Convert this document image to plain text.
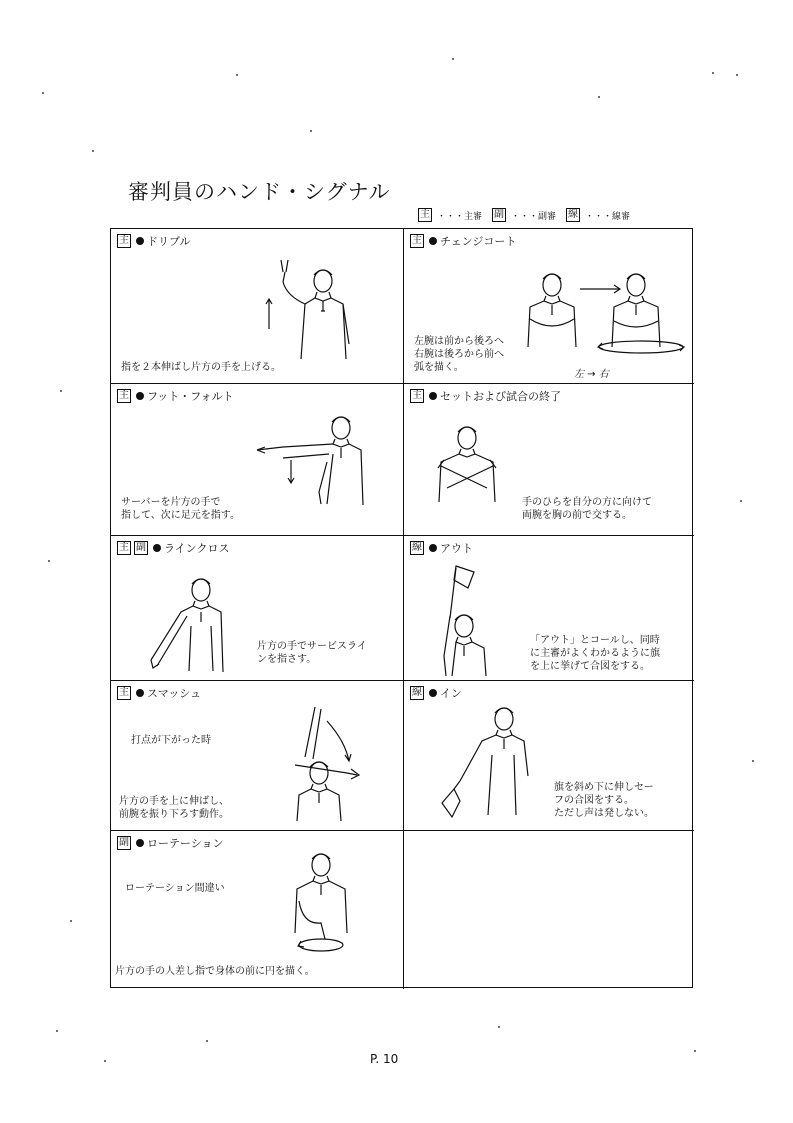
審判員のハンド・シグナル
主 ・・・主審 副 ・・・副審 線 ・・・線審
主 ドリブル
指を２本伸ばし片方の手を上げる。
主 チェンジコート
左腕は前から後ろへ
右腕は後ろから前へ
弧を描く。
左 → 右
主 フット・フォルト
サーバーを片方の手で
指して、次に足元を指す。
主 セットおよび試合の終了
手のひらを自分の方に向けて
両腕を胸の前で交する。
主 副 ラインクロス
片方の手でサービスライ
ンを指さす。
線 アウト
「アウト」とコールし、同時
に主審がよくわかるように旗
を上に挙げて合図をする。
主 スマッシュ
打点が下がった時
片方の手を上に伸ばし、
前腕を振り下ろす動作。
線 イン
旗を斜め下に伸しセー
フの合図をする。
ただし声は発しない。
副 ローテーション
ローテーション間違い
片方の手の人差し指で身体の前に円を描く。
P. 10
